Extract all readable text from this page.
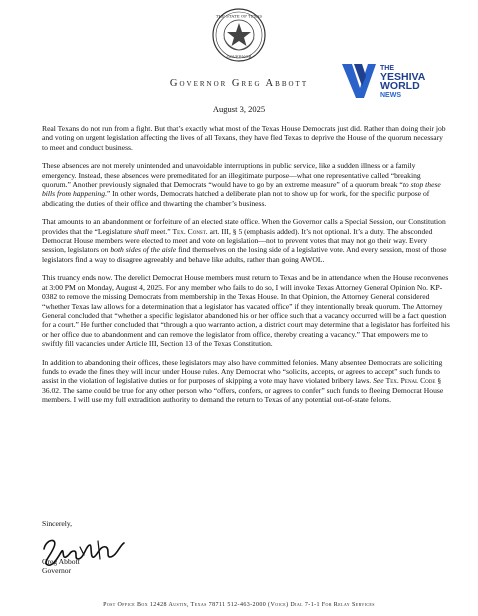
THE STATE OF TEXAS
GOVERNOR
Governor Greg Abbott
THE
YESHIVA
WORLD
NEWS
August 3, 2025

Real Texans do not run from a fight. But that’s exactly what most of the Texas House Democrats just did. Rather than doing their job and voting on urgent legislation affecting the lives of all Texans, they have fled Texas to deprive the House of the quorum necessary to meet and conduct business.

These absences are not merely unintended and unavoidable interruptions in public service, like a sudden illness or a family emergency. Instead, these absences were premeditated for an illegitimate purpose—what one representative called “breaking quorum.” Another previously signaled that Democrats “would have to go by an extreme measure” of a quorum break “to stop these bills from happening.” In other words, Democrats hatched a deliberate plan not to show up for work, for the specific purpose of abdicating the duties of their office and thwarting the chamber’s business.

That amounts to an abandonment or forfeiture of an elected state office. When the Governor calls a Special Session, our Constitution provides that the “Legislature shall meet.” Tex. Const. art. III, § 5 (emphasis added). It’s not optional. It’s a duty. The absconded Democrat House members were elected to meet and vote on legislation—not to prevent votes that may not go their way. Every session, legislators on both sides of the aisle find themselves on the losing side of a legislative vote. And every session, most of those legislators find a way to disagree agreeably and behave like adults, rather than going AWOL.

This truancy ends now. The derelict Democrat House members must return to Texas and be in attendance when the House reconvenes at 3:00 PM on Monday, August 4, 2025. For any member who fails to do so, I will invoke Texas Attorney General Opinion No. KP-0382 to remove the missing Democrats from membership in the Texas House. In that Opinion, the Attorney General considered “whether Texas law allows for a determination that a legislator has vacated office” if they intentionally break quorum. The Attorney General concluded that “whether a specific legislator abandoned his or her office such that a vacancy occurred will be a fact question for a court.” He further concluded that “through a quo warranto action, a district court may determine that a legislator has forfeited his or her office due to abandonment and can remove the legislator from office, thereby creating a vacancy.” That empowers me to swiftly fill vacancies under Article III, Section 13 of the Texas Constitution.

In addition to abandoning their offices, these legislators may also have committed felonies. Many absentee Democrats are soliciting funds to evade the fines they will incur under House rules. Any Democrat who “solicits, accepts, or agrees to accept” such funds to assist in the violation of legislative duties or for purposes of skipping a vote may have violated bribery laws. See Tex. Penal Code § 36.02. The same could be true for any other person who “offers, confers, or agrees to confer” such funds to fleeing Democrat House members. I will use my full extradition authority to demand the return to Texas of any potential out-of-state felons.

Sincerely,
Greg Abbott
Governor
Post Office Box 12428 Austin, Texas 78711 512-463-2000 (Voice) Dial 7-1-1 For Relay Services
